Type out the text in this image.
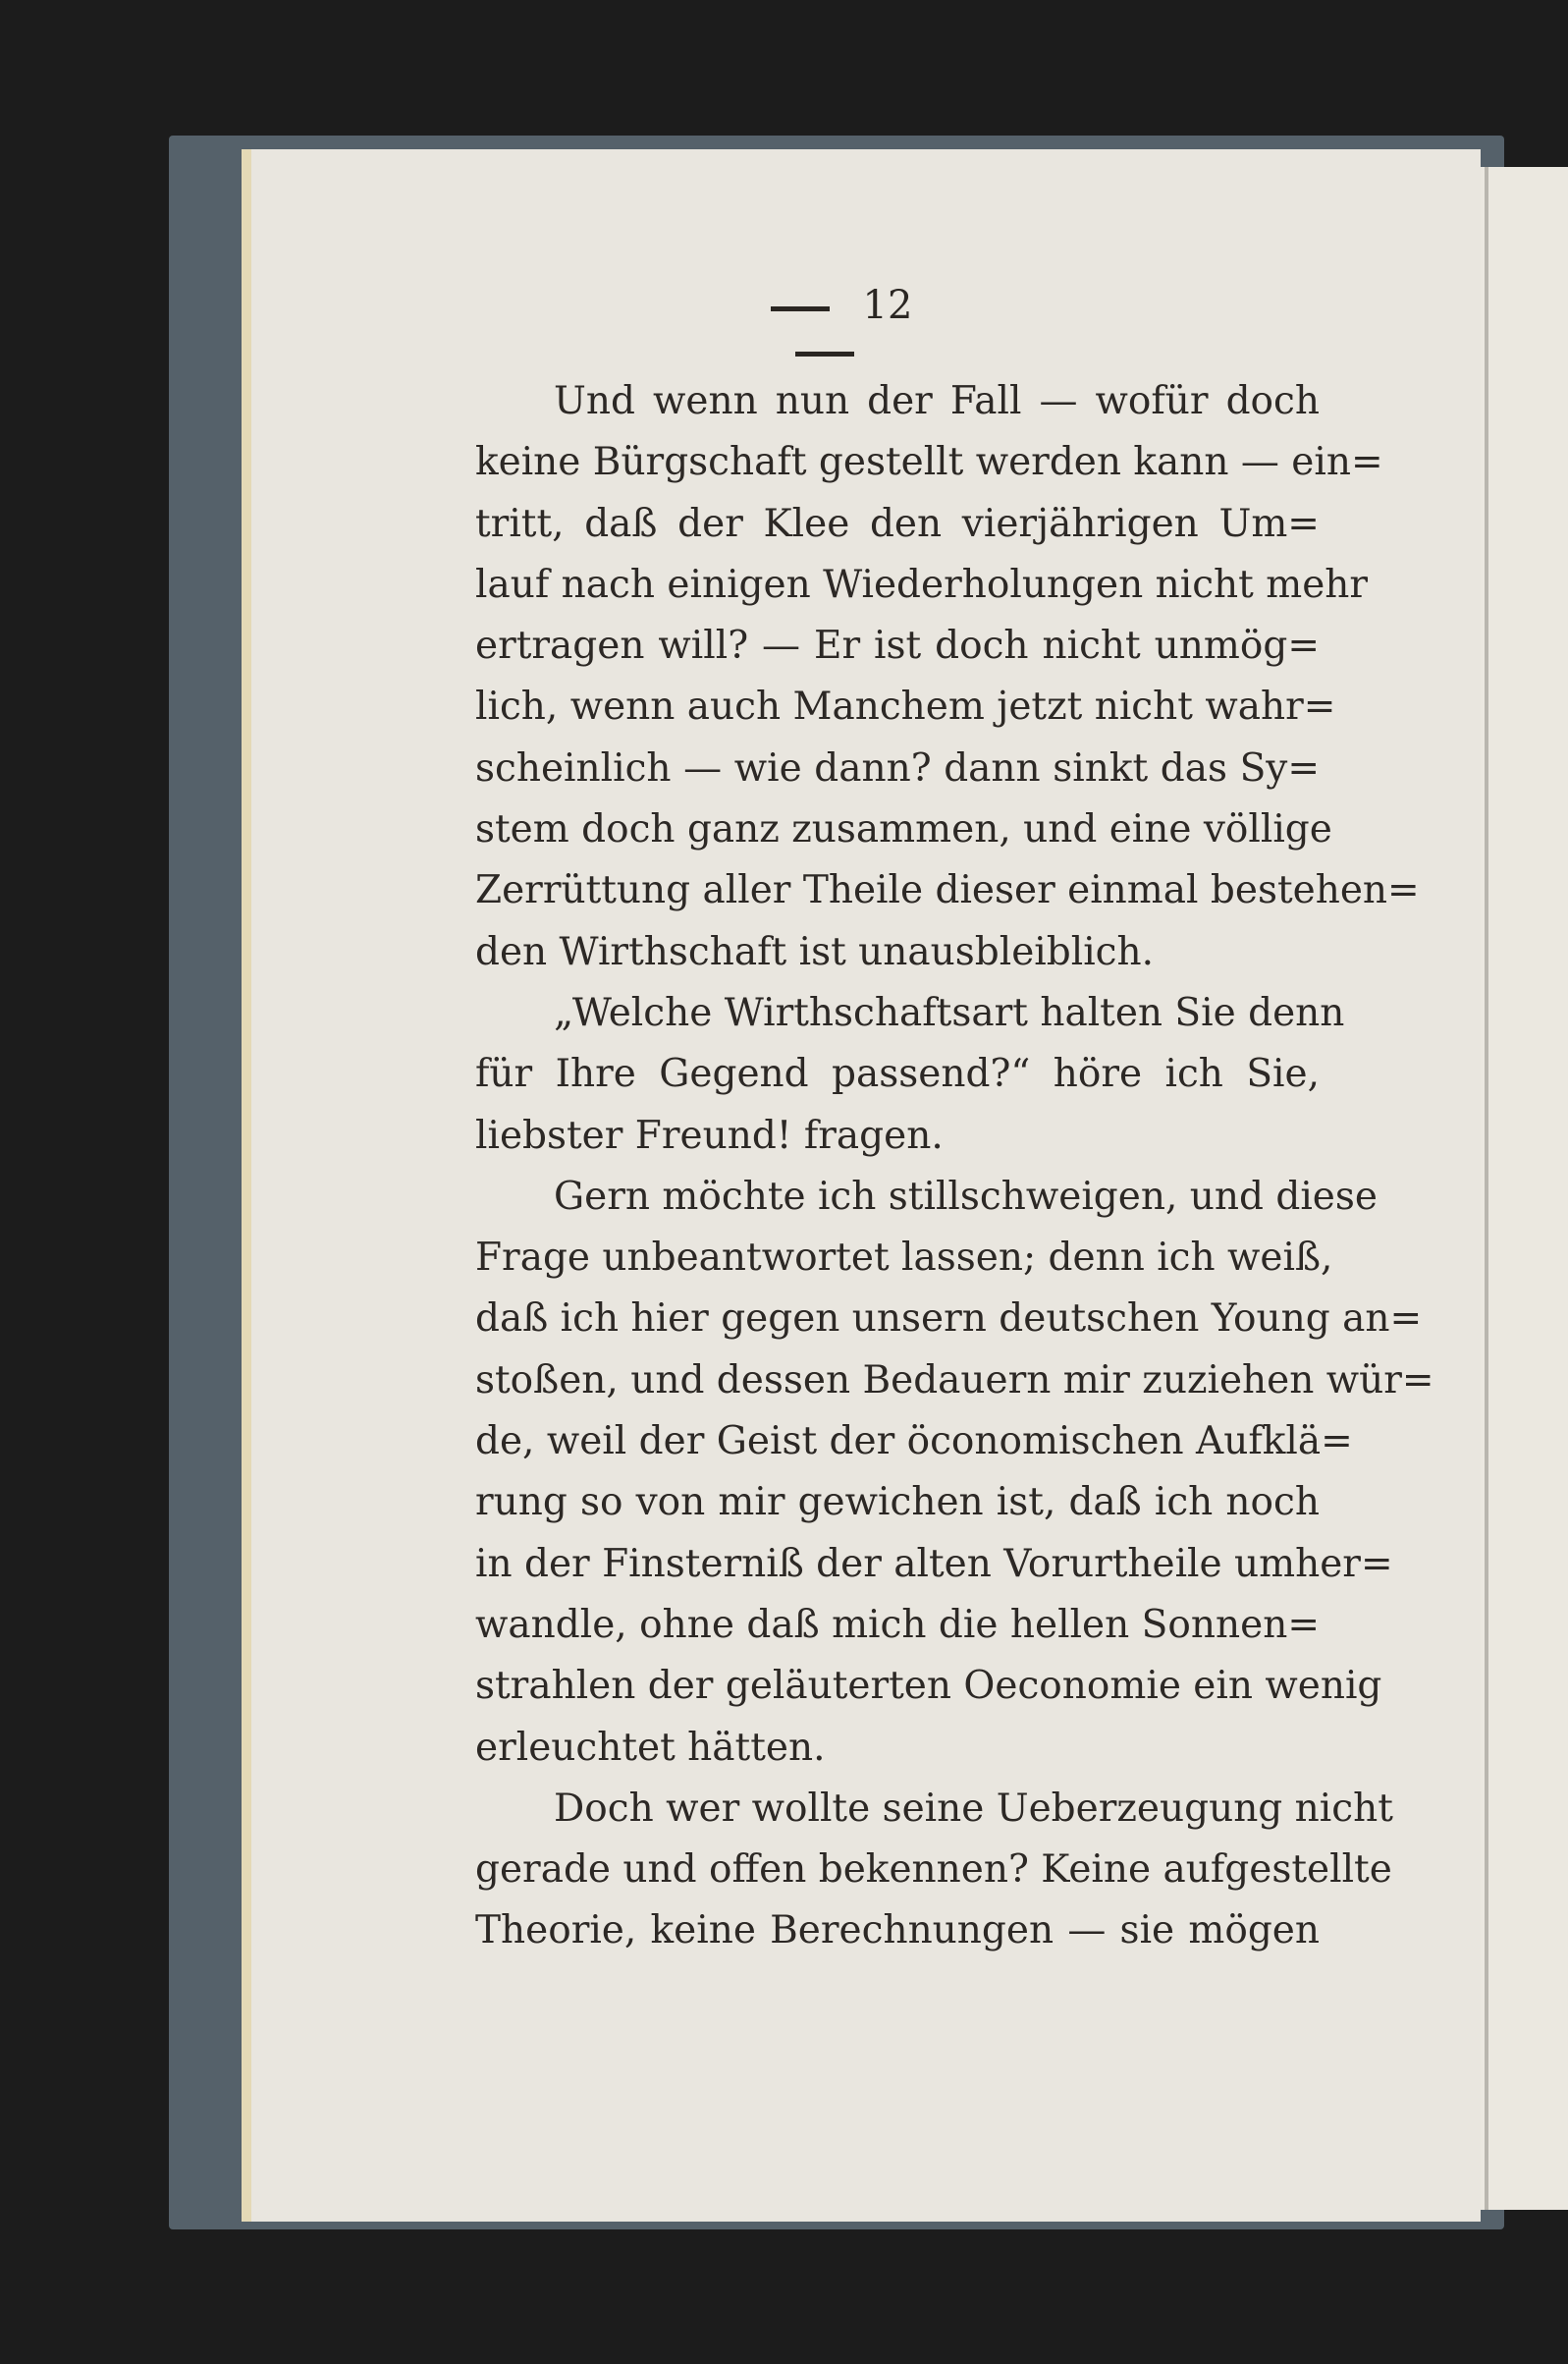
12
Und wenn nun der Fall — wofür doch
keine Bürgschaft gestellt werden kann — ein=
tritt, daß der Klee den vierjährigen Um=
lauf nach einigen Wiederholungen nicht mehr
ertragen will? — Er ist doch nicht unmög=
lich, wenn auch Manchem jetzt nicht wahr=
scheinlich — wie dann? dann sinkt das Sy=
stem doch ganz zusammen, und eine völlige
Zerrüttung aller Theile dieser einmal bestehen=
den Wirthschaft ist unausbleiblich.
„Welche Wirthschaftsart halten Sie denn
für Ihre Gegend passend?“ höre ich Sie,
liebster Freund! fragen.
Gern möchte ich stillschweigen, und diese
Frage unbeantwortet lassen; denn ich weiß,
daß ich hier gegen unsern deutschen Young an=
stoßen, und dessen Bedauern mir zuziehen wür=
de, weil der Geist der öconomischen Aufklä=
rung so von mir gewichen ist, daß ich noch
in der Finsterniß der alten Vorurtheile umher=
wandle, ohne daß mich die hellen Sonnen=
strahlen der geläuterten Oeconomie ein wenig
erleuchtet hätten.
Doch wer wollte seine Ueberzeugung nicht
gerade und offen bekennen? Keine aufgestellte
Theorie, keine Berechnungen — sie mögen
